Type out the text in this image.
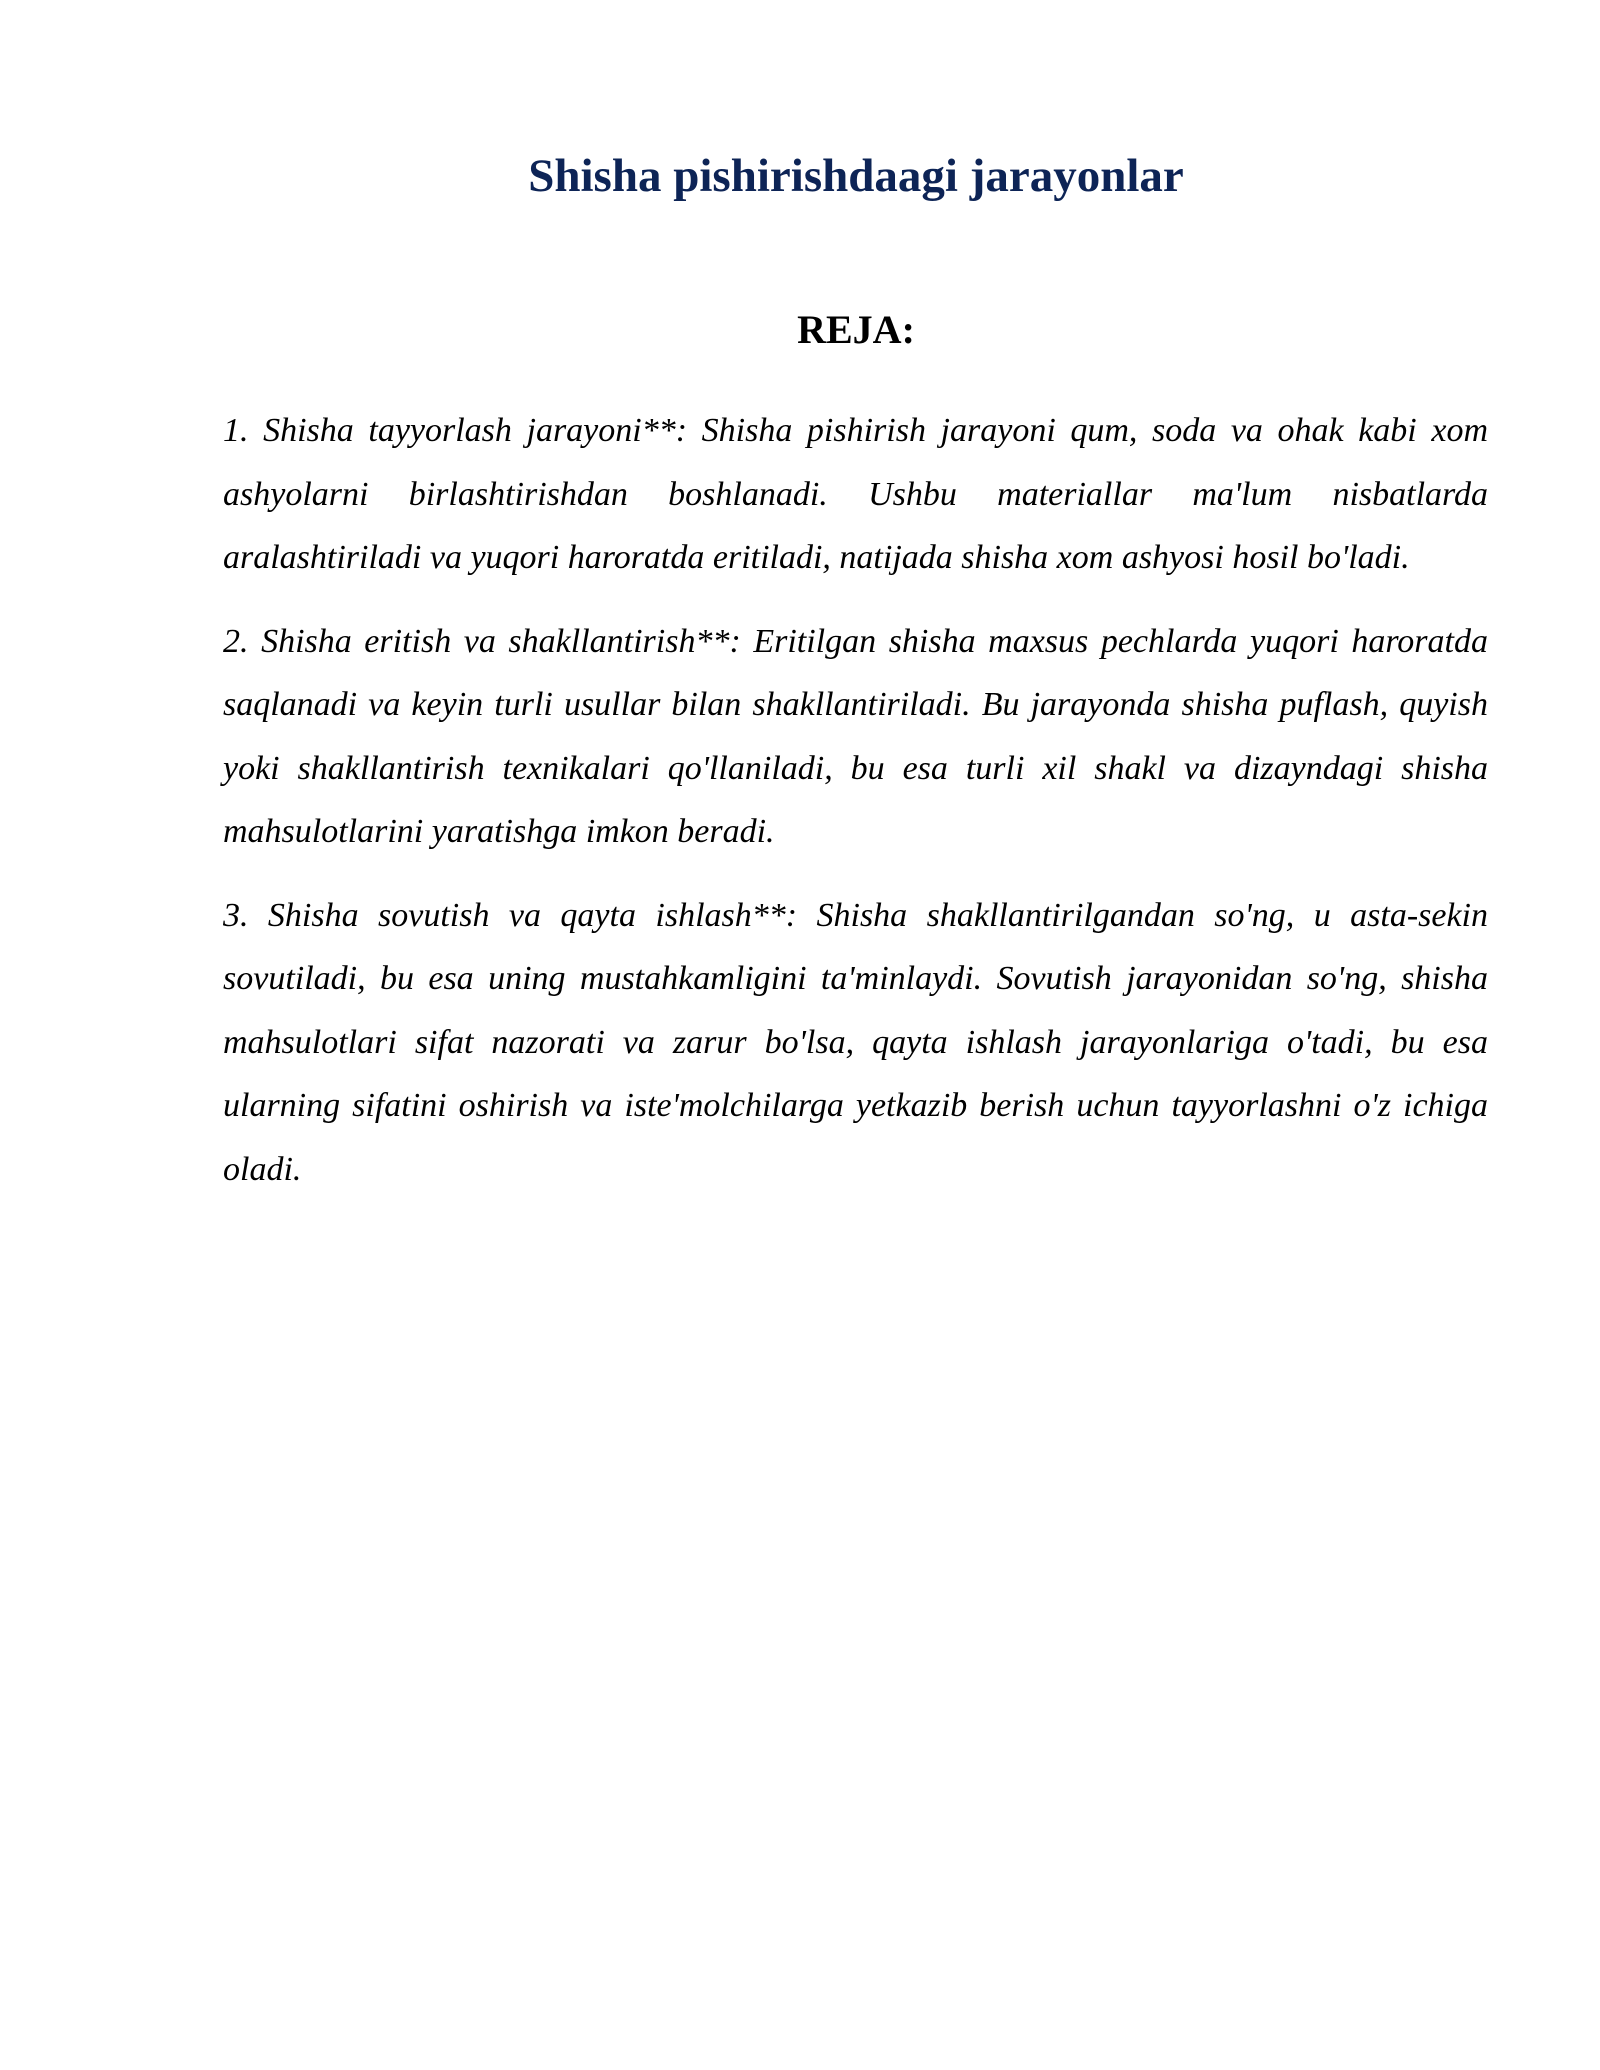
Shisha pishirishdaagi jarayonlar
REJA:

1. Shisha tayyorlash jarayoni**: Shisha pishirish jarayoni qum, soda va ohak kabi xom ashyolarni birlashtirishdan boshlanadi. Ushbu materiallar ma'lum nisbatlarda aralashtiriladi va yuqori haroratda eritiladi, natijada shisha xom ashyosi hosil bo'ladi.

2. Shisha eritish va shakllantirish**: Eritilgan shisha maxsus pechlarda yuqori haroratda saqlanadi va keyin turli usullar bilan shakllantiriladi. Bu jarayonda shisha puflash, quyish yoki shakllantirish texnikalari qo'llaniladi, bu esa turli xil shakl va dizayndagi shisha mahsulotlarini yaratishga imkon beradi.

3. Shisha sovutish va qayta ishlash**: Shisha shakllantirilgandan so'ng, u asta-sekin sovutiladi, bu esa uning mustahkamligini ta'minlaydi. Sovutish jarayonidan so'ng, shisha mahsulotlari sifat nazorati va zarur bo'lsa, qayta ishlash jarayonlariga o'tadi, bu esa ularning sifatini oshirish va iste'molchilarga yetkazib berish uchun tayyorlashni o'z ichiga oladi.
